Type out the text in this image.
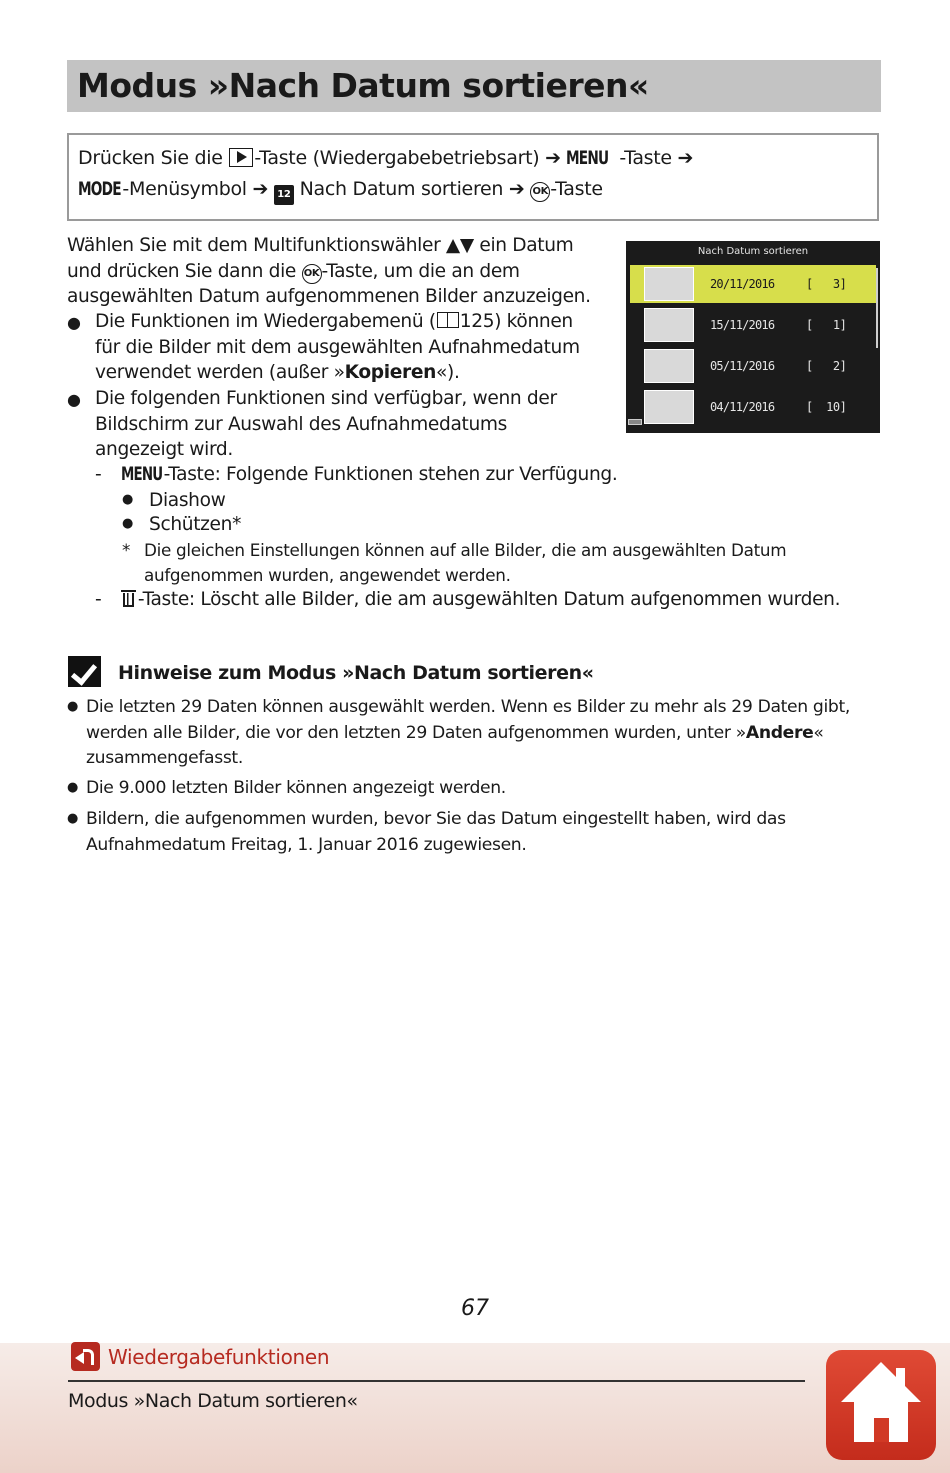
Modus »Nach Datum sortieren«
Drücken Sie die -Taste (Wiedergabebetriebsart) ➔ MENU -Taste ➔
MODE-Menüsymbol ➔ 12 Nach Datum sortieren ➔ OK -Taste
Wählen Sie mit dem Multifunktionswähler ▲▼ ein Datum
und drücken Sie dann die OK -Taste, um die an dem
ausgewählten Datum aufgenommenen Bilder anzuzeigen.
● Die Funktionen im Wiedergabemenü ( 125) können
für die Bilder mit dem ausgewählten Aufnahmedatum
verwendet werden (außer »Kopieren«).
● Die folgenden Funktionen sind verfügbar, wenn der
Bildschirm zur Auswahl des Aufnahmedatums
angezeigt wird.
- MENU-Taste: Folgende Funktionen stehen zur Verfügung.
● Diashow
● Schützen*
* Die gleichen Einstellungen können auf alle Bilder, die am ausgewählten Datum
aufgenommen wurden, angewendet werden.
- -Taste: Löscht alle Bilder, die am ausgewählten Datum aufgenommen wurden.
Nach Datum sortieren
20/11/2016	[   3]
15/11/2016	[   1]
05/11/2016	[   2]
04/11/2016	[  10]
Hinweise zum Modus »Nach Datum sortieren«
● Die letzten 29 Daten können ausgewählt werden. Wenn es Bilder zu mehr als 29 Daten gibt,
werden alle Bilder, die vor den letzten 29 Daten aufgenommen wurden, unter »Andere«
zusammengefasst.
● Die 9.000 letzten Bilder können angezeigt werden.
● Bildern, die aufgenommen wurden, bevor Sie das Datum eingestellt haben, wird das
Aufnahmedatum Freitag, 1. Januar 2016 zugewiesen.
67
Wiedergabefunktionen
Modus »Nach Datum sortieren«
